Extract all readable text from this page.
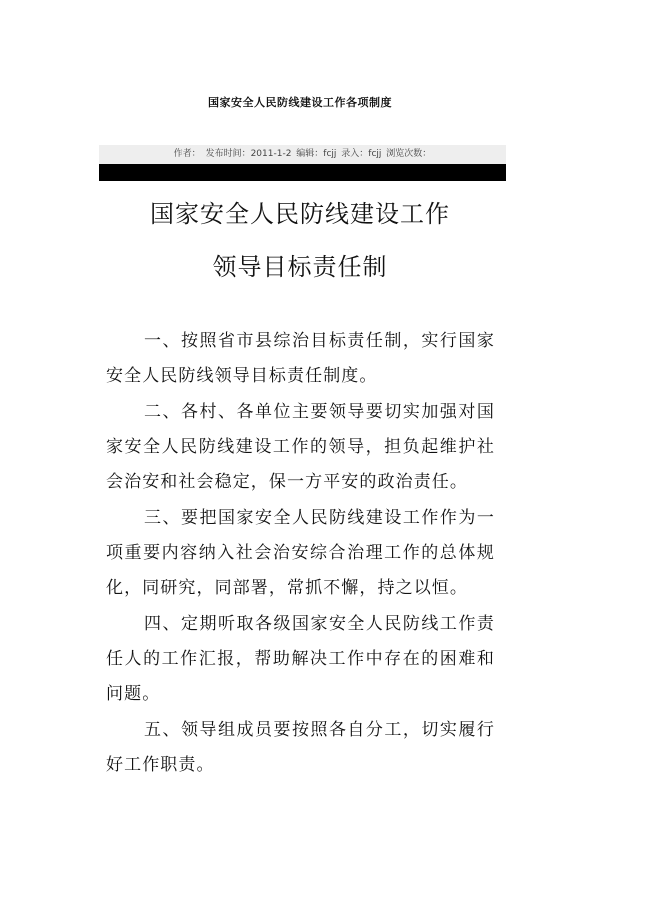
国家安全人民防线建设工作各项制度
作者： 发布时间：2011-1-2 编辑：fcjj 录入：fcjj 浏览次数：
国家安全人民防线建设工作
领导目标责任制

一、按照省市县综治目标责任制，实行国家安全人民防线领导目标责任制度。

二、各村、各单位主要领导要切实加强对国家安全人民防线建设工作的领导，担负起维护社会治安和社会稳定，保一方平安的政治责任。

三、要把国家安全人民防线建设工作作为一项重要内容纳入社会治安综合治理工作的总体规化，同研究，同部署，常抓不懈，持之以恒。

四、定期听取各级国家安全人民防线工作责任人的工作汇报，帮助解决工作中存在的困难和问题。

五、领导组成员要按照各自分工，切实履行好工作职责。
